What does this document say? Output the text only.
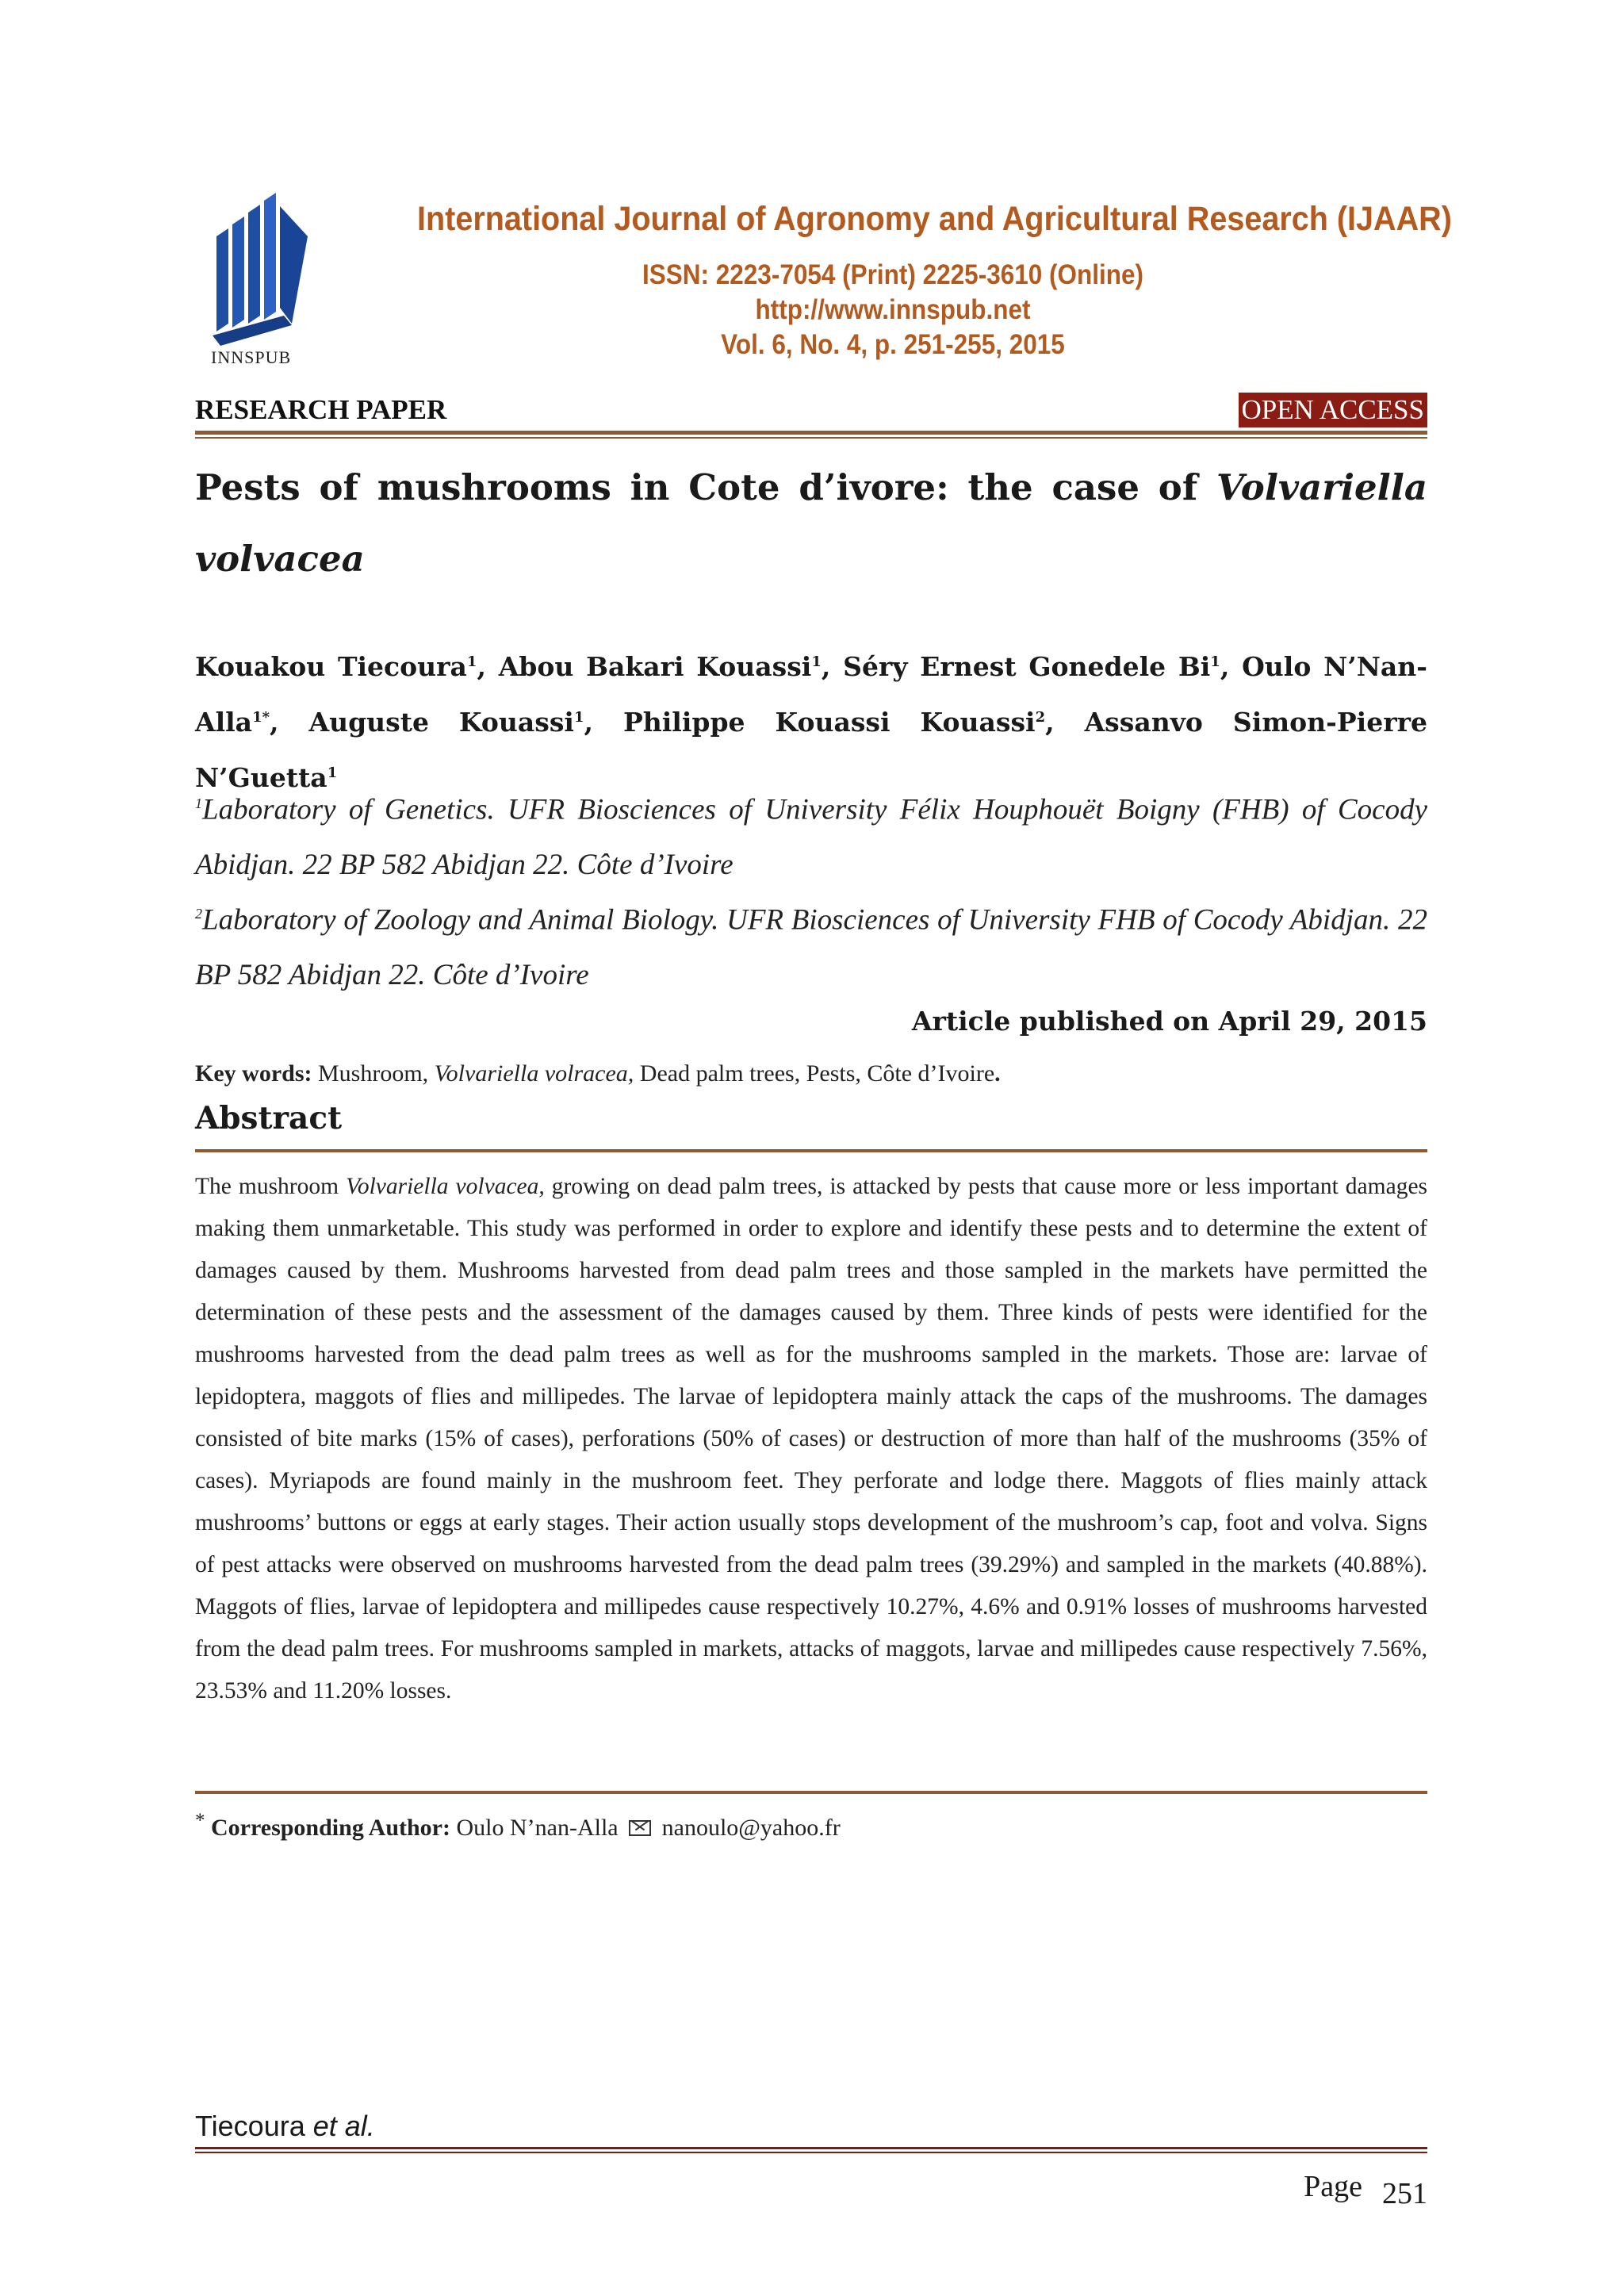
INNSPUB
International Journal of Agronomy and Agricultural Research (IJAAR)
ISSN: 2223-7054 (Print) 2225-3610 (Online)
http://www.innspub.net
Vol. 6, No. 4, p. 251-255, 2015
RESEARCH PAPER	OPEN ACCESS
Pests of mushrooms in Cote d’ivore: the case of Volvariella volvacea
Kouakou Tiecoura$^1$, Abou Bakari Kouassi$^1$, Séry Ernest Gonedele Bi$^1$, Oulo N’Nan-Alla$^{1*}$, Auguste Kouassi$^1$, Philippe Kouassi Kouassi$^2$, Assanvo Simon-Pierre N’Guetta$^1$
$^1$Laboratory of Genetics. UFR Biosciences of University Félix Houphouët Boigny (FHB) of Cocody Abidjan. 22 BP 582 Abidjan 22. Côte d’Ivoire
$^2$Laboratory of Zoology and Animal Biology. UFR Biosciences of University FHB of Cocody Abidjan. 22 BP 582 Abidjan 22. Côte d’Ivoire
Article published on April 29, 2015
Key words: Mushroom, Volvariella volracea, Dead palm trees, Pests, Côte d’Ivoire.
Abstract
The mushroom Volvariella volvacea, growing on dead palm trees, is attacked by pests that cause more or less important damages making them unmarketable. This study was performed in order to explore and identify these pests and to determine the extent of damages caused by them. Mushrooms harvested from dead palm trees and those sampled in the markets have permitted the determination of these pests and the assessment of the damages caused by them. Three kinds of pests were identified for the mushrooms harvested from the dead palm trees as well as for the mushrooms sampled in the markets. Those are: larvae of lepidoptera, maggots of flies and millipedes. The larvae of lepidoptera mainly attack the caps of the mushrooms. The damages consisted of bite marks (15% of cases), perforations (50% of cases) or destruction of more than half of the mushrooms (35% of cases). Myriapods are found mainly in the mushroom feet. They perforate and lodge there. Maggots of flies mainly attack mushrooms’ buttons or eggs at early stages. Their action usually stops development of the mushroom’s cap, foot and volva. Signs of pest attacks were observed on mushrooms harvested from the dead palm trees (39.29%) and sampled in the markets (40.88%). Maggots of flies, larvae of lepidoptera and millipedes cause respectively 10.27%, 4.6% and 0.91% losses of mushrooms harvested from the dead palm trees. For mushrooms sampled in markets, attacks of maggots, larvae and millipedes cause respectively 7.56%, 23.53% and 11.20% losses.
* Corresponding Author: Oulo N’nan-Alla  nanoulo@yahoo.fr
Tiecoura et al.
Page 251
